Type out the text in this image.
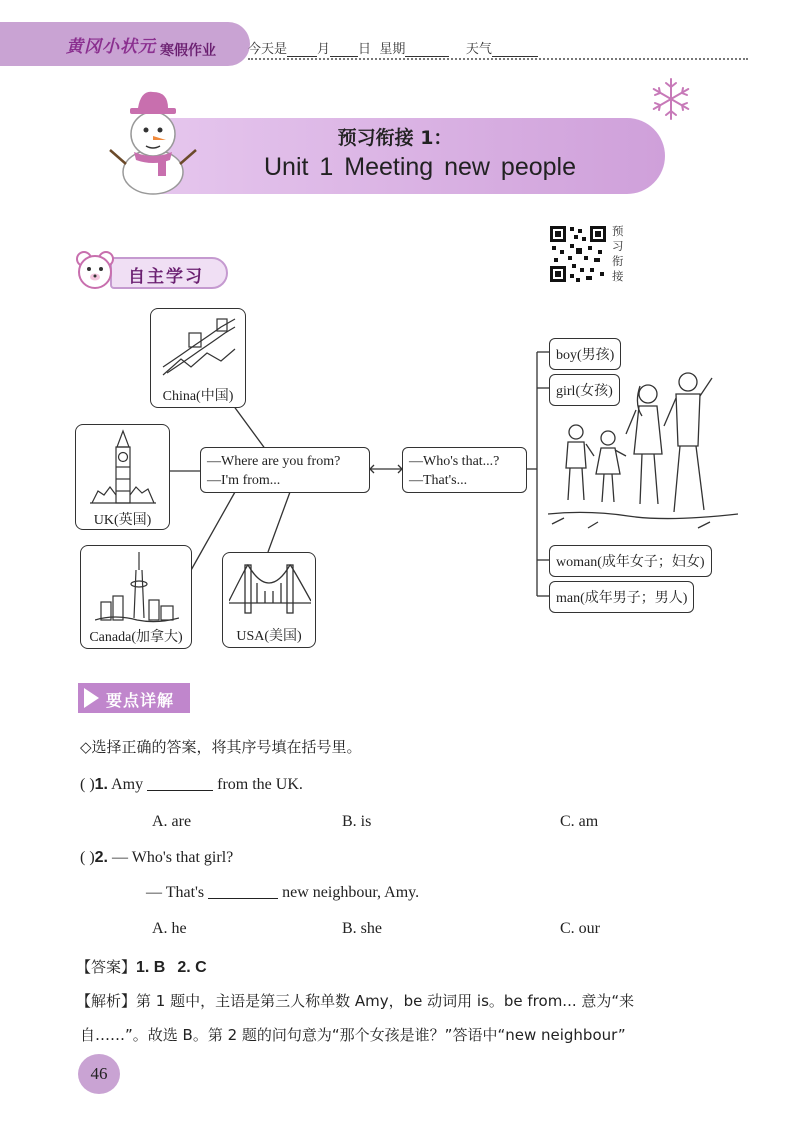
黄冈小状元 寒假作业 今天是 月 日 星期	天气
预习衔接 1：
Unit 1 Meeting new people
预习衔接
自主学习
China(中国)
UK(英国)
Canada(加拿大)	USA(美国)
—Where are you from?
—I'm from...
—Who's that...?
—That's...
boy(男孩)
girl(女孩)
woman(成年女子；妇女)
man(成年男子；男人)
要点详解
◇选择正确的答案，将其序号填在括号里。
( )1. Amy	from the UK.
A. are	B. is	C. am
( )2. — Who's that girl?
— That's	new neighbour, Amy.
A. he	B. she	C. our
【答案】1. B 2. C
【解析】第 1 题中，主语是第三人称单数 Amy，be 动词用 is。be from... 意为“来
自……”。故选 B。第 2 题的问句意为“那个女孩是谁？”答语中“new neighbour”
46
